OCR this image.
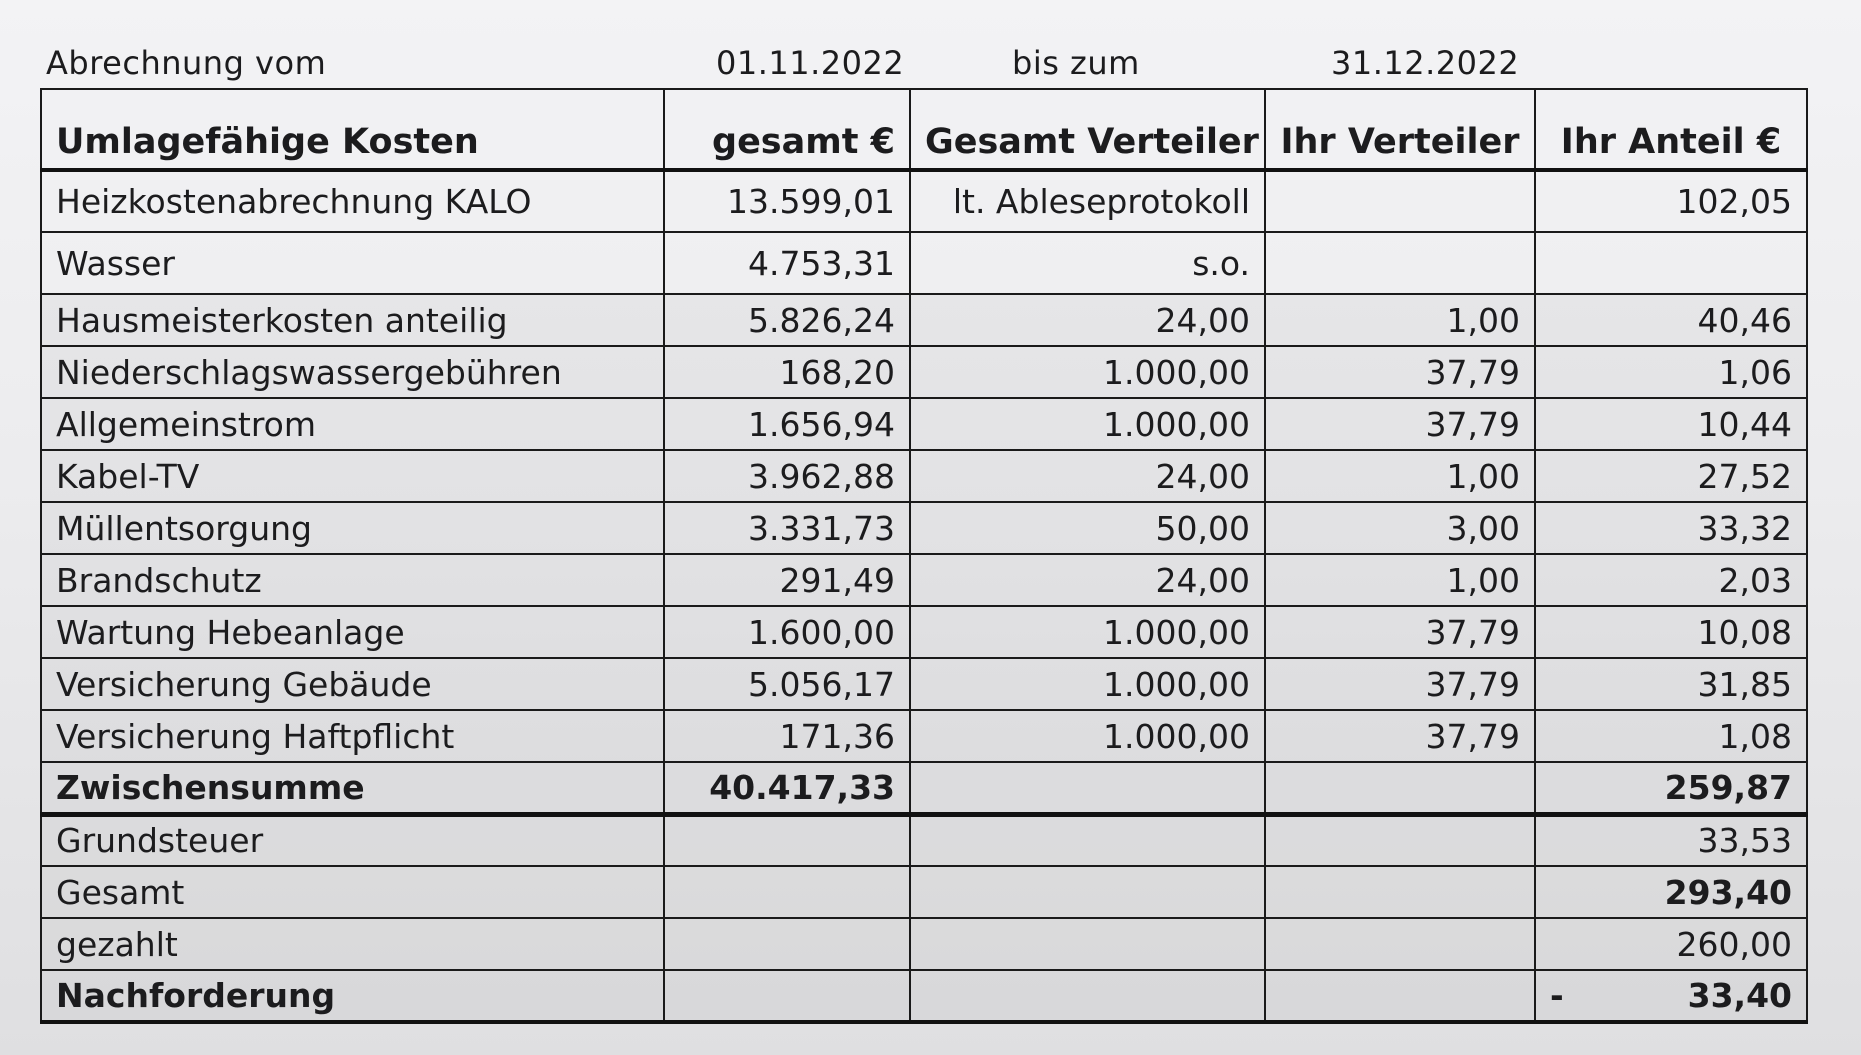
Abrechnung vom	01.11.2022	bis zum	31.12.2022
Umlagefähige Kosten	gesamt €	Gesamt Verteiler	Ihr Verteiler	Ihr Anteil €
Heizkostenabrechnung KALO	13.599,01	lt. Ableseprotokoll		102,05
Wasser	4.753,31	s.o.		
Hausmeisterkosten anteilig	5.826,24	24,00	1,00	40,46
Niederschlagswassergebühren	168,20	1.000,00	37,79	1,06
Allgemeinstrom	1.656,94	1.000,00	37,79	10,44
Kabel-TV	3.962,88	24,00	1,00	27,52
Müllentsorgung	3.331,73	50,00	3,00	33,32
Brandschutz	291,49	24,00	1,00	2,03
Wartung Hebeanlage	1.600,00	1.000,00	37,79	10,08
Versicherung Gebäude	5.056,17	1.000,00	37,79	31,85
Versicherung Haftpflicht	171,36	1.000,00	37,79	1,08
Zwischensumme	40.417,33			259,87
Grundsteuer				33,53
Gesamt				293,40
gezahlt				260,00
Nachforderung				- 33,40
